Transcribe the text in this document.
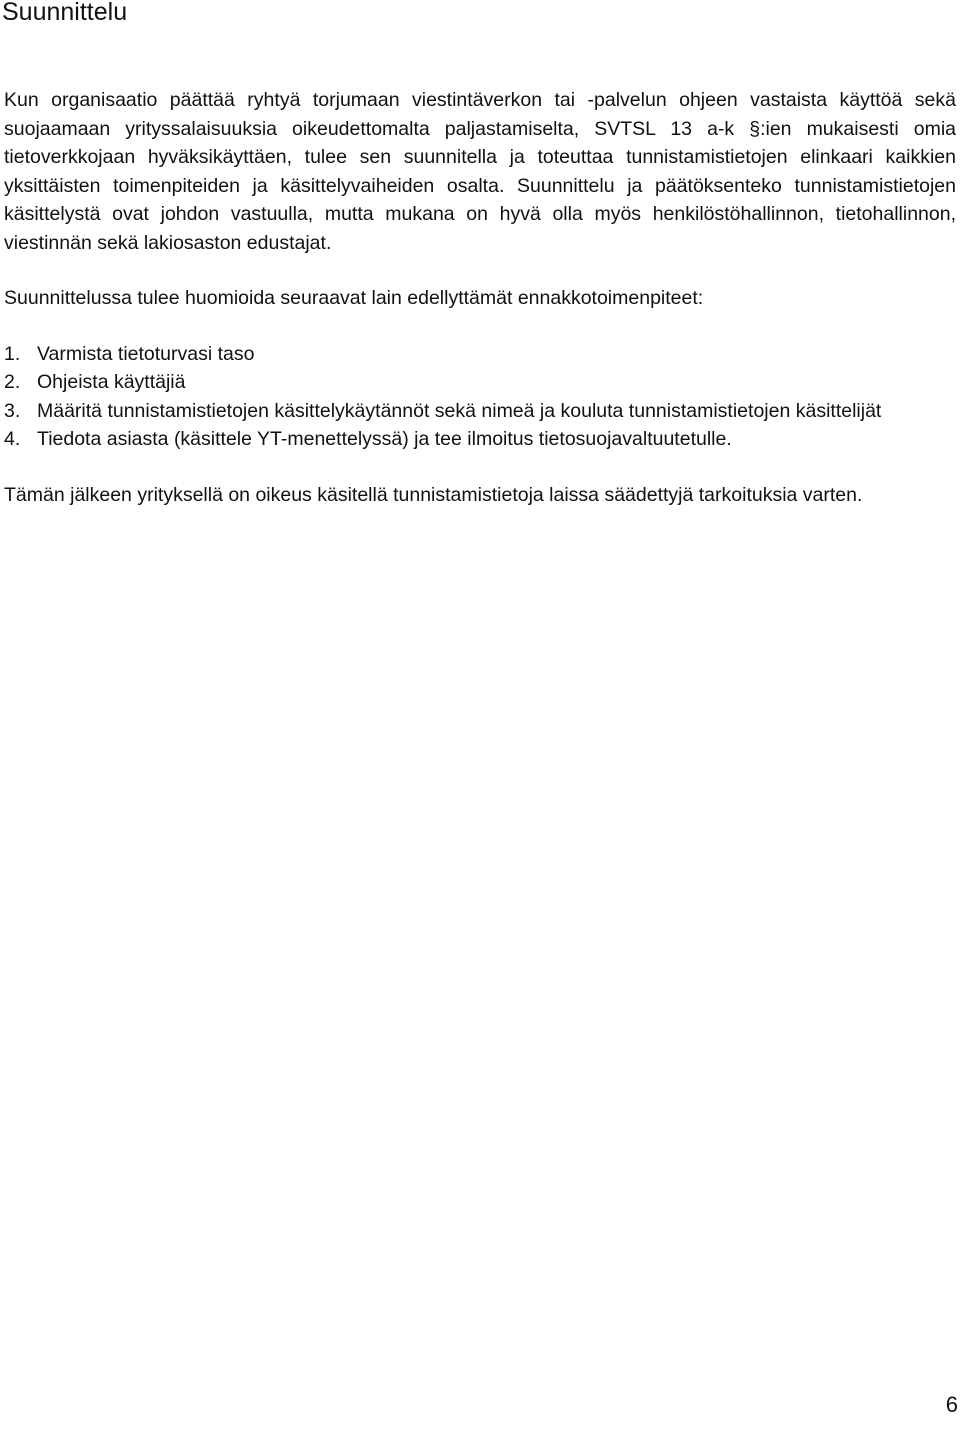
Suunnittelu

Kun organisaatio päättää ryhtyä torjumaan viestintäverkon tai -palvelun ohjeen vastaista käyttöä sekä suojaamaan yrityssalaisuuksia oikeudettomalta paljastamiselta, SVTSL 13 a-k §:ien mukaisesti omia tietoverkkojaan hyväksikäyttäen, tulee sen suunnitella ja toteuttaa tunnistamistietojen elinkaari kaikkien yksittäisten toimenpiteiden ja käsittelyvaiheiden osalta. Suunnittelu ja päätöksenteko tunnistamistietojen käsittelystä ovat johdon vastuulla, mutta mukana on hyvä olla myös henkilöstöhallinnon, tietohallinnon, viestinnän sekä lakiosaston edustajat.

Suunnittelussa tulee huomioida seuraavat lain edellyttämät ennakkotoimenpiteet:

1. Varmista tietoturvasi taso
2. Ohjeista käyttäjiä
3. Määritä tunnistamistietojen käsittelykäytännöt sekä nimeä ja kouluta tunnistamistietojen käsittelijät
4. Tiedota asiasta (käsittele YT-menettelyssä) ja tee ilmoitus tietosuojavaltuutetulle.

Tämän jälkeen yrityksellä on oikeus käsitellä tunnistamistietoja laissa säädettyjä tarkoituksia varten.

6
